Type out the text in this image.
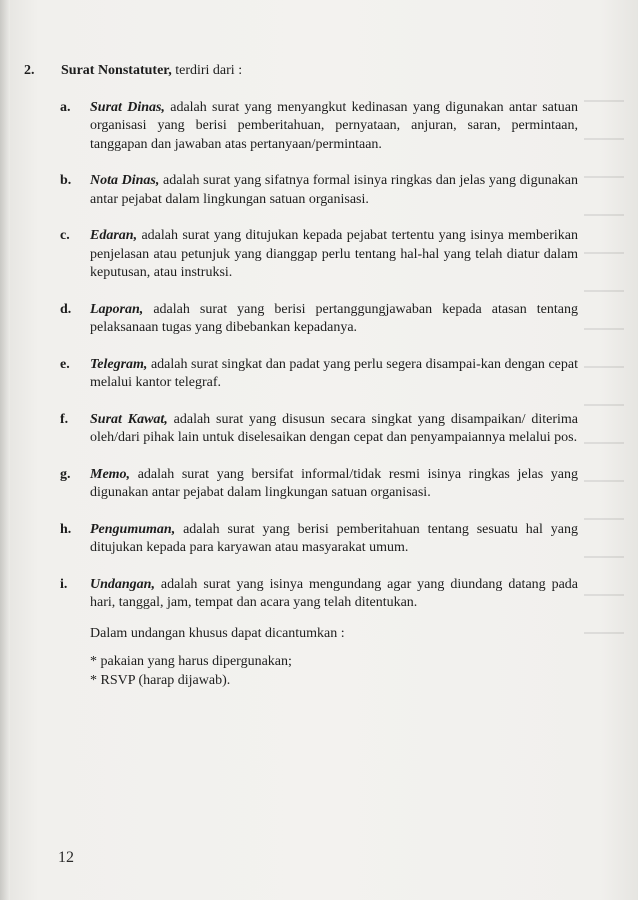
2.	Surat Nonstatuter, terdiri dari :
a.	Surat Dinas, adalah surat yang menyangkut kedinasan yang digunakan antar satuan organisasi yang berisi pemberitahuan, pernyataan, anjuran, saran, permintaan, tanggapan dan jawaban atas pertanyaan/permintaan.
b.	Nota Dinas, adalah surat yang sifatnya formal isinya ringkas dan jelas yang digunakan antar pejabat dalam lingkungan satuan organisasi.
c.	Edaran, adalah surat yang ditujukan kepada pejabat tertentu yang isinya memberikan penjelasan atau petunjuk yang dianggap perlu tentang hal-hal yang telah diatur dalam keputusan, atau instruksi.
d.	Laporan, adalah surat yang berisi pertanggungjawaban kepada atasan tentang pelaksanaan tugas yang dibebankan kepadanya.
e.	Telegram, adalah surat singkat dan padat yang perlu segera disampai-kan dengan cepat melalui kantor telegraf.
f.	Surat Kawat, adalah surat yang disusun secara singkat yang disampaikan/ diterima oleh/dari pihak lain untuk diselesaikan dengan cepat dan penyampaiannya melalui pos.
g.	Memo, adalah surat yang bersifat informal/tidak resmi isinya ringkas jelas yang digunakan antar pejabat dalam lingkungan satuan organisasi.
h.	Pengumuman, adalah surat yang berisi pemberitahuan tentang sesuatu hal yang ditujukan kepada para karyawan atau masyarakat umum.
i.	Undangan, adalah surat yang isinya mengundang agar yang diundang datang pada hari, tanggal, jam, tempat dan acara yang telah ditentukan.

Dalam undangan khusus dapat dicantumkan :

* pakaian yang harus dipergunakan;
* RSVP (harap dijawab).
12
